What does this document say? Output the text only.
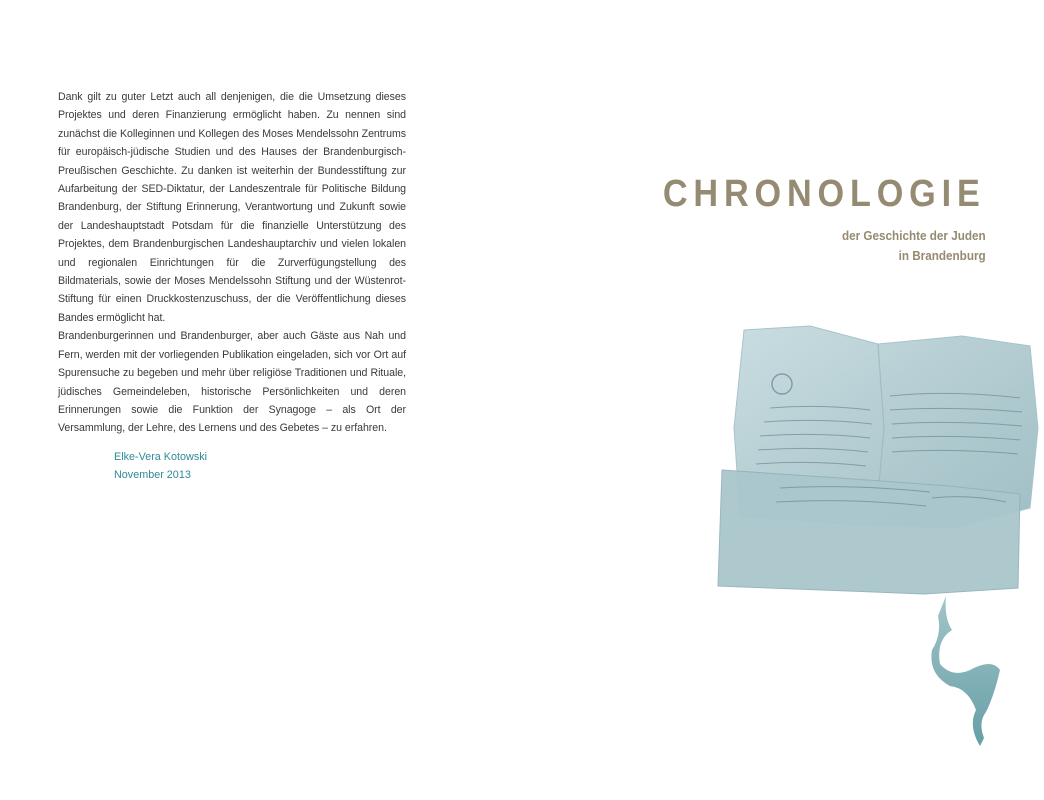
Dank gilt zu guter Letzt auch all denjenigen, die die Umsetzung dieses Projektes und deren Finanzierung ermöglicht haben. Zu nennen sind zunächst die Kolleginnen und Kollegen des Moses Mendelssohn Zentrums für europäisch-jüdische Studien und des Hauses der Brandenburgisch-Preußischen Geschichte. Zu danken ist weiterhin der Bundesstiftung zur Aufarbeitung der SED-Diktatur, der Landeszentrale für Politische Bildung Brandenburg, der Stiftung Erinnerung, Verantwortung und Zukunft sowie der Landeshauptstadt Potsdam für die finanzielle Unterstützung des Projektes, dem Brandenburgischen Landeshauptarchiv und vielen lokalen und regionalen Einrichtungen für die Zurverfügungstellung des Bildmaterials, sowie der Moses Mendelssohn Stiftung und der Wüstenrot-Stiftung für einen Druckkostenzuschuss, der die Veröffentlichung dieses Bandes ermöglicht hat.

Brandenburgerinnen und Brandenburger, aber auch Gäste aus Nah und Fern, werden mit der vorliegenden Publikation eingeladen, sich vor Ort auf Spurensuche zu begeben und mehr über religiöse Traditionen und Rituale, jüdisches Gemeindeleben, historische Persönlichkeiten und deren Erinnerungen sowie die Funktion der Synagoge – als Ort der Versammlung, der Lehre, des Lernens und des Gebetes – zu erfahren.

Elke-Vera Kotowski
November 2013
CHRONOLOGIE
der Geschichte der Juden
in Brandenburg
